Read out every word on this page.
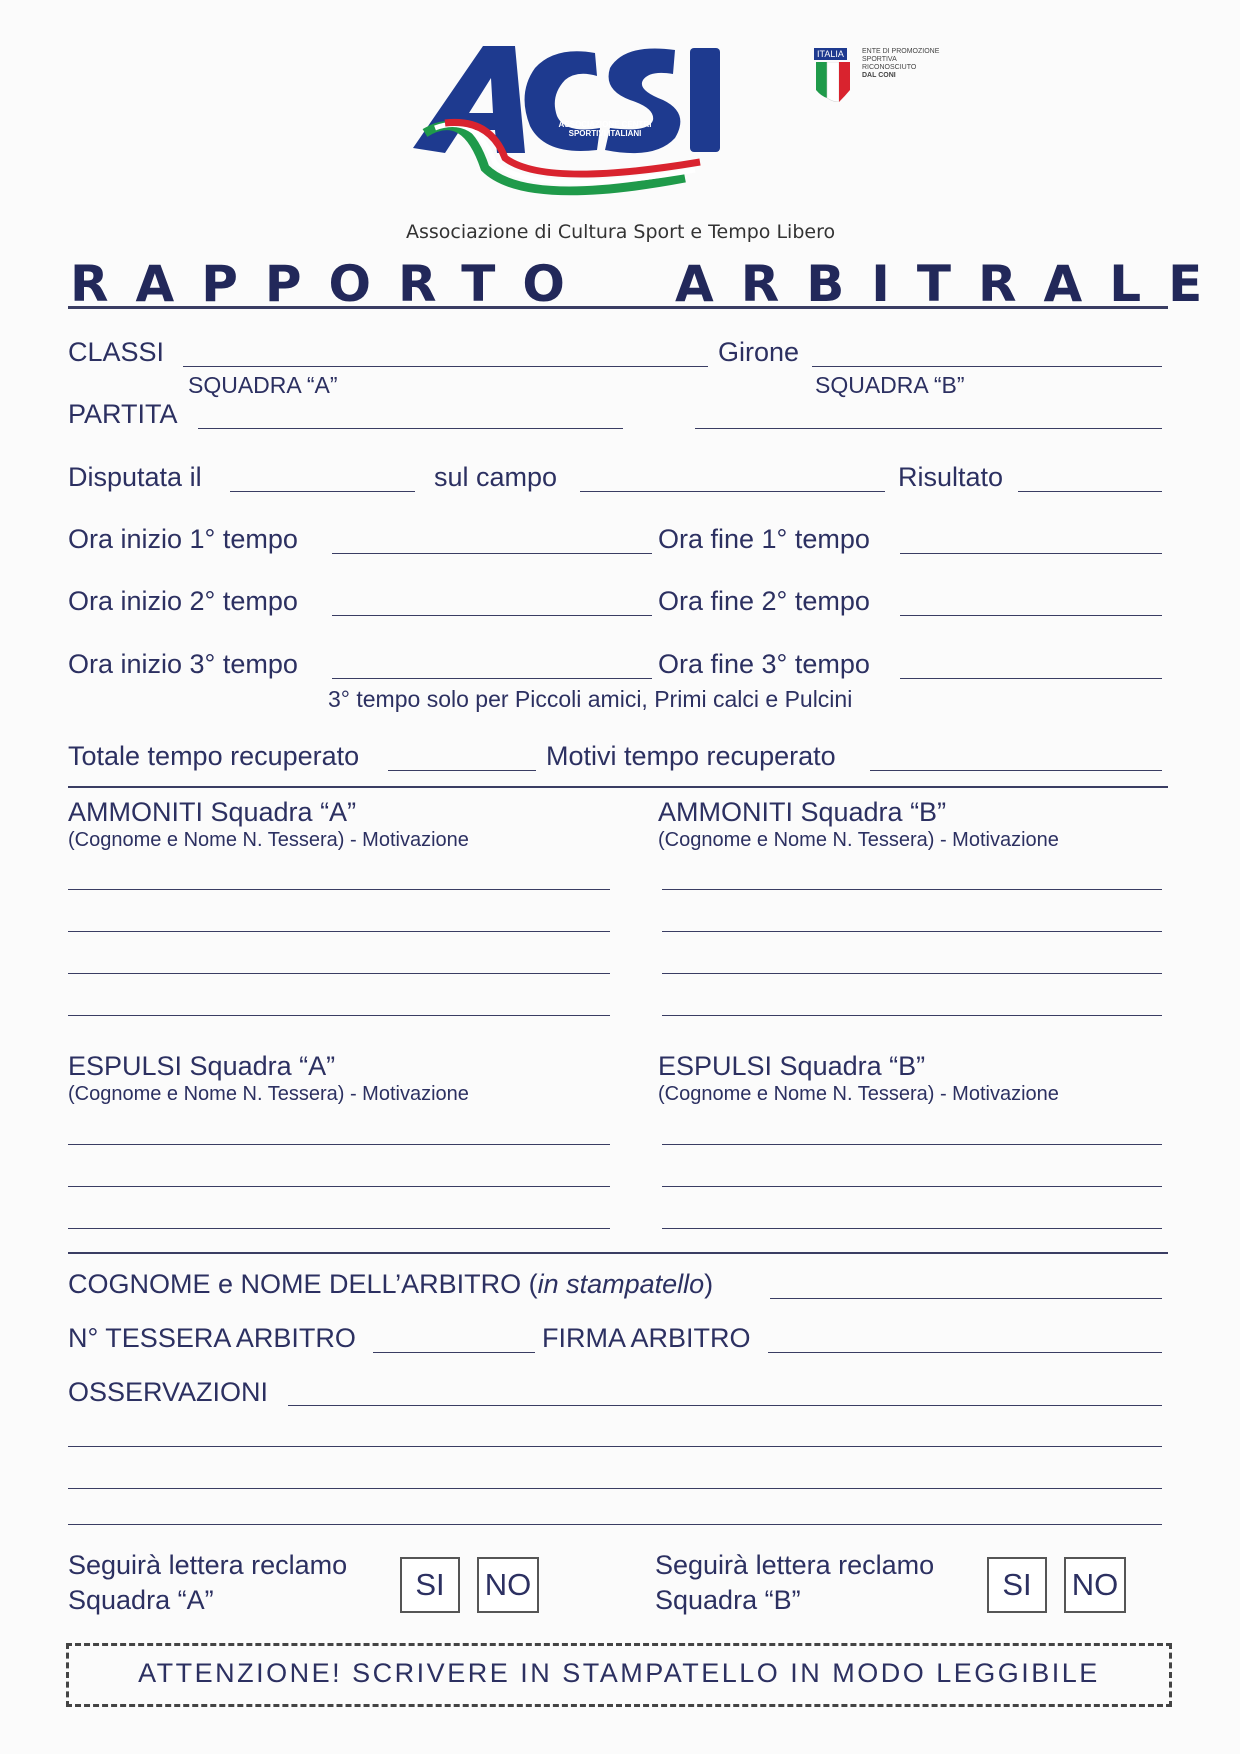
ASSOCIAZIONE CENTRI SPORTIVI ITALIANI
ITALIA	ENTE DI PROMOZIONE
SPORTIVA
RICONOSCIUTO
DAL CONI
Associazione di Cultura Sport e Tempo Libero
RAPPORTO ARBITRALE
CLASSI	Girone
SQUADRA “A”	SQUADRA “B”
PARTITA
Disputata il	sul campo	Risultato
Ora inizio 1° tempo	Ora fine 1° tempo
Ora inizio 2° tempo	Ora fine 2° tempo
Ora inizio 3° tempo	Ora fine 3° tempo
3° tempo solo per Piccoli amici, Primi calci e Pulcini
Totale tempo recuperato	Motivi tempo recuperato
AMMONITI Squadra “A”
(Cognome e Nome N. Tessera) - Motivazione
AMMONITI Squadra “B”
(Cognome e Nome N. Tessera) - Motivazione
ESPULSI Squadra “A”
(Cognome e Nome N. Tessera) - Motivazione
ESPULSI Squadra “B”
(Cognome e Nome N. Tessera) - Motivazione
COGNOME e NOME DELL’ARBITRO (in stampatello)
N° TESSERA ARBITRO	FIRMA ARBITRO
OSSERVAZIONI
Seguirà lettera reclamo
Squadra “A”	SI	NO
Seguirà lettera reclamo
Squadra “B”	SI	NO
ATTENZIONE! SCRIVERE IN STAMPATELLO IN MODO LEGGIBILE
